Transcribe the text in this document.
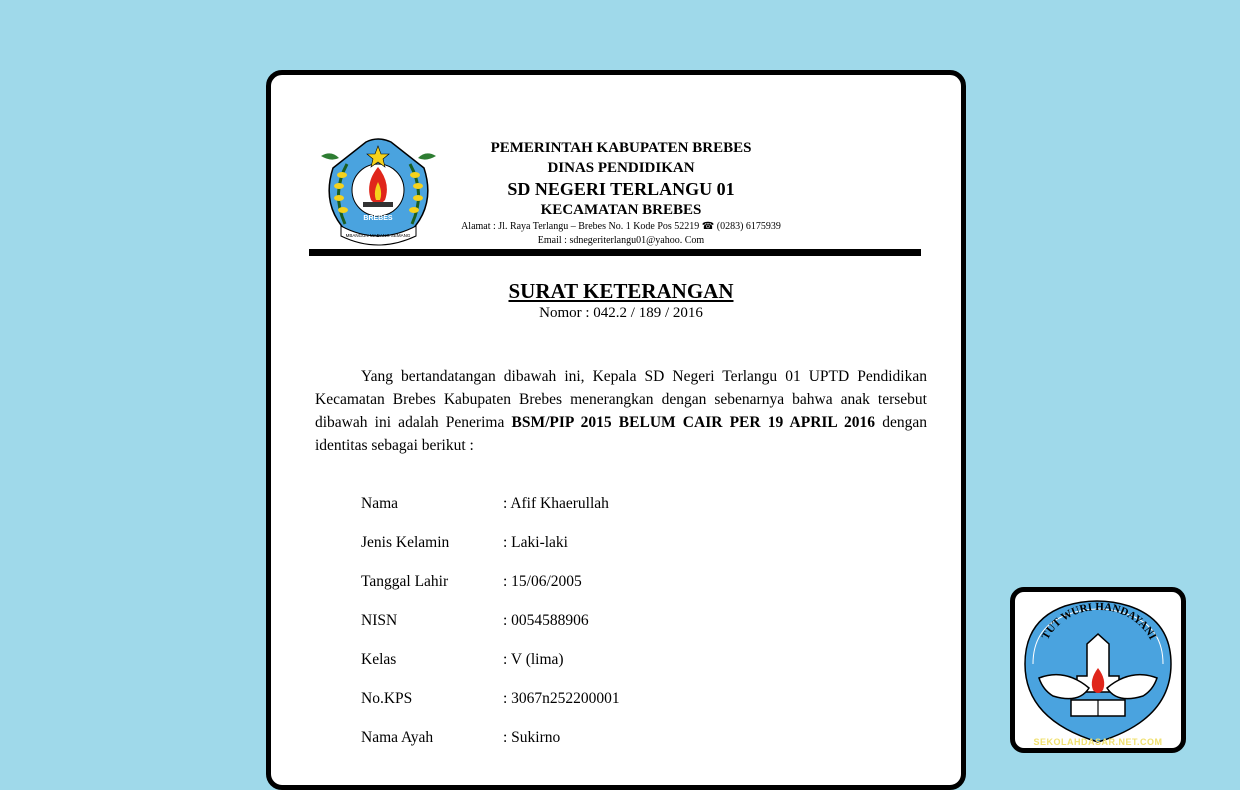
BREBES
MBANGUN MADANG SEMANG
PEMERINTAH KABUPATEN BREBES
DINAS PENDIDIKAN
SD NEGERI TERLANGU 01
KECAMATAN BREBES
Alamat : Jl. Raya Terlangu – Brebes No. 1 Kode Pos 52219 ☎ (0283) 6175939
Email : sdnegeriterlangu01@yahoo. Com
SURAT KETERANGAN
Nomor : 042.2 / 189 / 2016
Yang bertandatangan dibawah ini, Kepala SD Negeri Terlangu 01 UPTD Pendidikan Kecamatan Brebes Kabupaten Brebes menerangkan dengan sebenarnya bahwa anak tersebut dibawah ini adalah Penerima BSM/PIP 2015 BELUM CAIR PER 19 APRIL 2016 dengan identitas sebagai berikut :
Nama	: Afif Khaerullah
Jenis Kelamin	: Laki-laki
Tanggal Lahir	: 15/06/2005
NISN	: 0054588906
Kelas	: V (lima)
No.KPS	: 3067n252200001
Nama Ayah	: Sukirno
TUT WURI HANDAYANI
SEKOLAHDASAR.NET.COM
